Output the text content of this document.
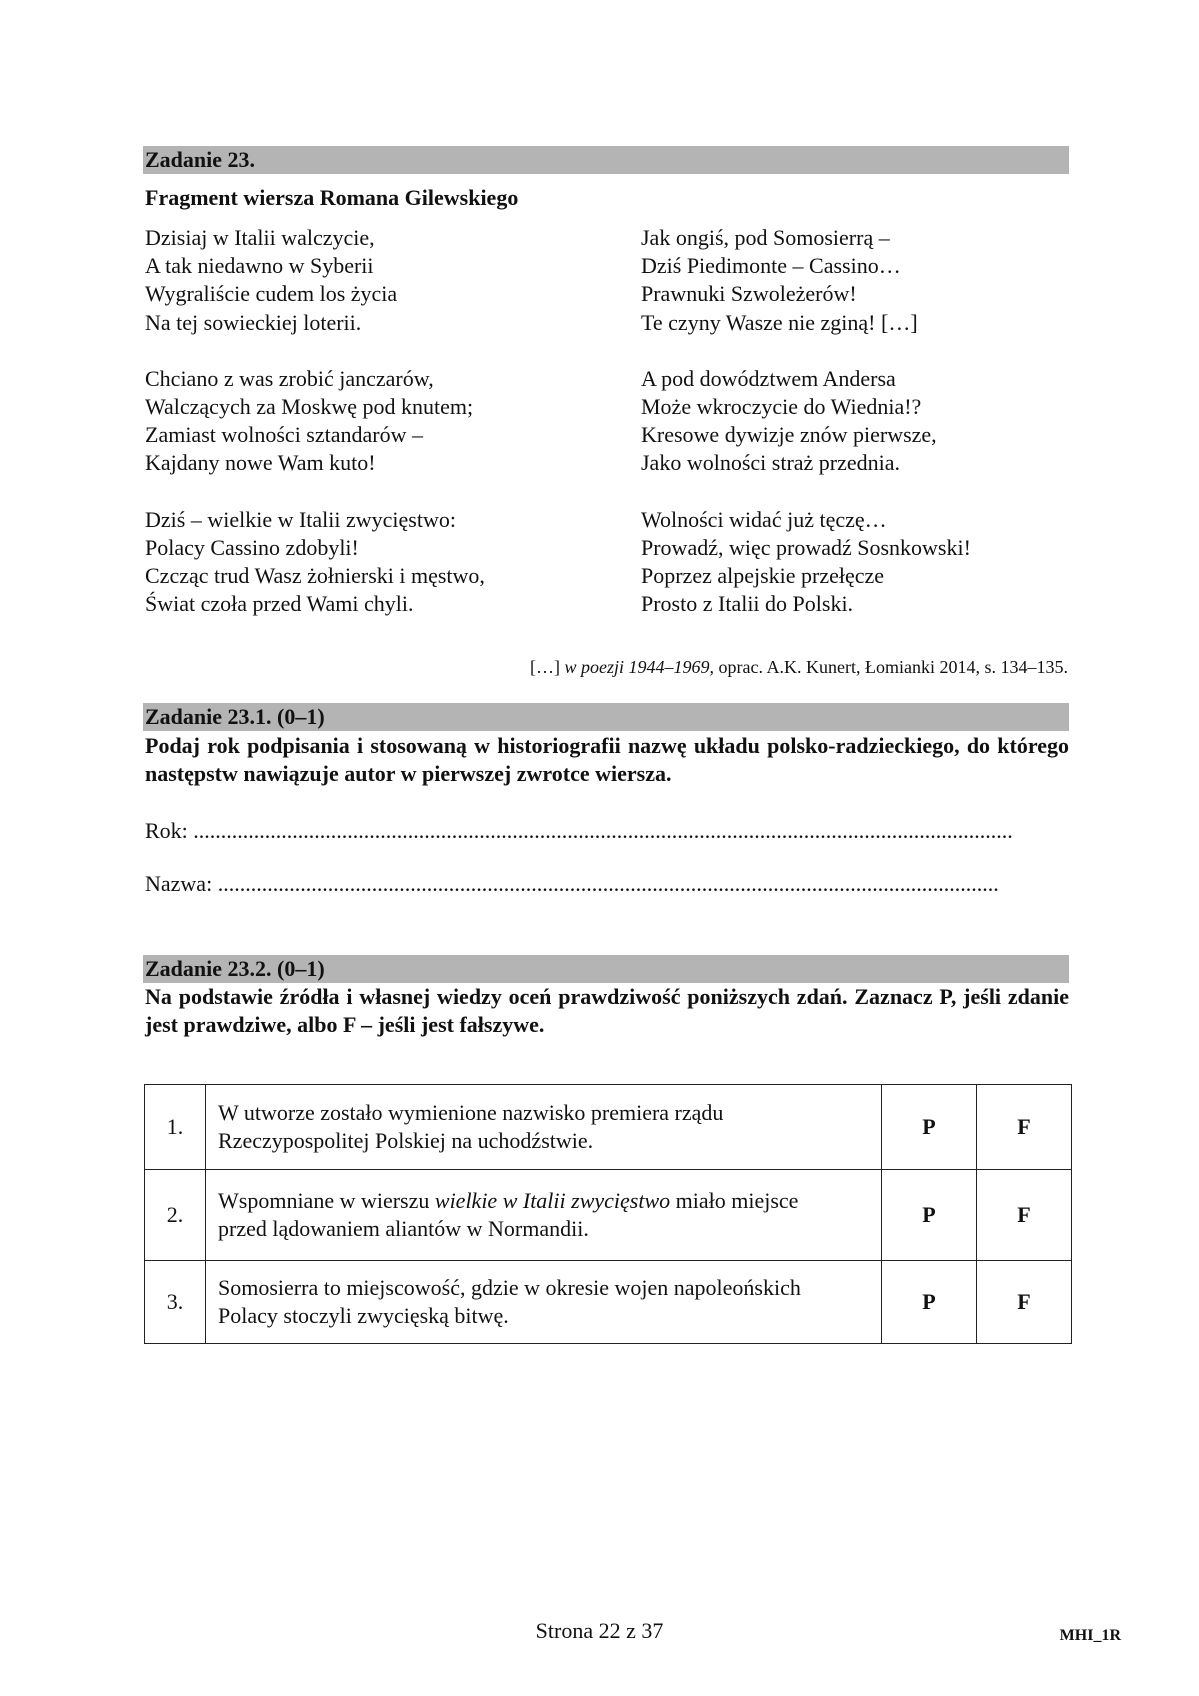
Zadanie 23.
Fragment wiersza Romana Gilewskiego
Dzisiaj w Italii walczycie,
A tak niedawno w Syberii
Wygraliście cudem los życia
Na tej sowieckiej loterii.
Chciano z was zrobić janczarów,
Walczących za Moskwę pod knutem;
Zamiast wolności sztandarów –
Kajdany nowe Wam kuto!
Dziś – wielkie w Italii zwycięstwo:
Polacy Cassino zdobyli!
Czcząc trud Wasz żołnierski i męstwo,
Świat czoła przed Wami chyli.
Jak ongiś, pod Somosierrą –
Dziś Piedimonte – Cassino…
Prawnuki Szwoleżerów!
Te czyny Wasze nie zginą! […]
A pod dowództwem Andersa
Może wkroczycie do Wiednia!?
Kresowe dywizje znów pierwsze,
Jako wolności straż przednia.
Wolności widać już tęczę…
Prowadź, więc prowadź Sosnkowski!
Poprzez alpejskie przełęcze
Prosto z Italii do Polski.
[…] w poezji 1944–1969, oprac. A.K. Kunert, Łomianki 2014, s. 134–135.
Zadanie 23.1. (0–1)
Podaj rok podpisania i stosowaną w historiografii nazwę układu polsko-radzieckiego, do którego następstw nawiązuje autor w pierwszej zwrotce wiersza.
Rok: .....................................................................................................................................................
Nazwa: ..............................................................................................................................................
Zadanie 23.2. (0–1)
Na podstawie źródła i własnej wiedzy oceń prawdziwość poniższych zdań. Zaznacz P, jeśli zdanie jest prawdziwe, albo F – jeśli jest fałszywe.
1.	W utworze zostało wymienione nazwisko premiera rządu
Rzeczypospolitej Polskiej na uchodźstwie.	P	F
2.	Wspomniane w wierszu wielkie w Italii zwycięstwo miało miejsce
przed lądowaniem aliantów w Normandii.	P	F
3.	Somosierra to miejscowość, gdzie w okresie wojen napoleońskich
Polacy stoczyli zwycięską bitwę.	P	F
Strona 22 z 37	MHI_1R
